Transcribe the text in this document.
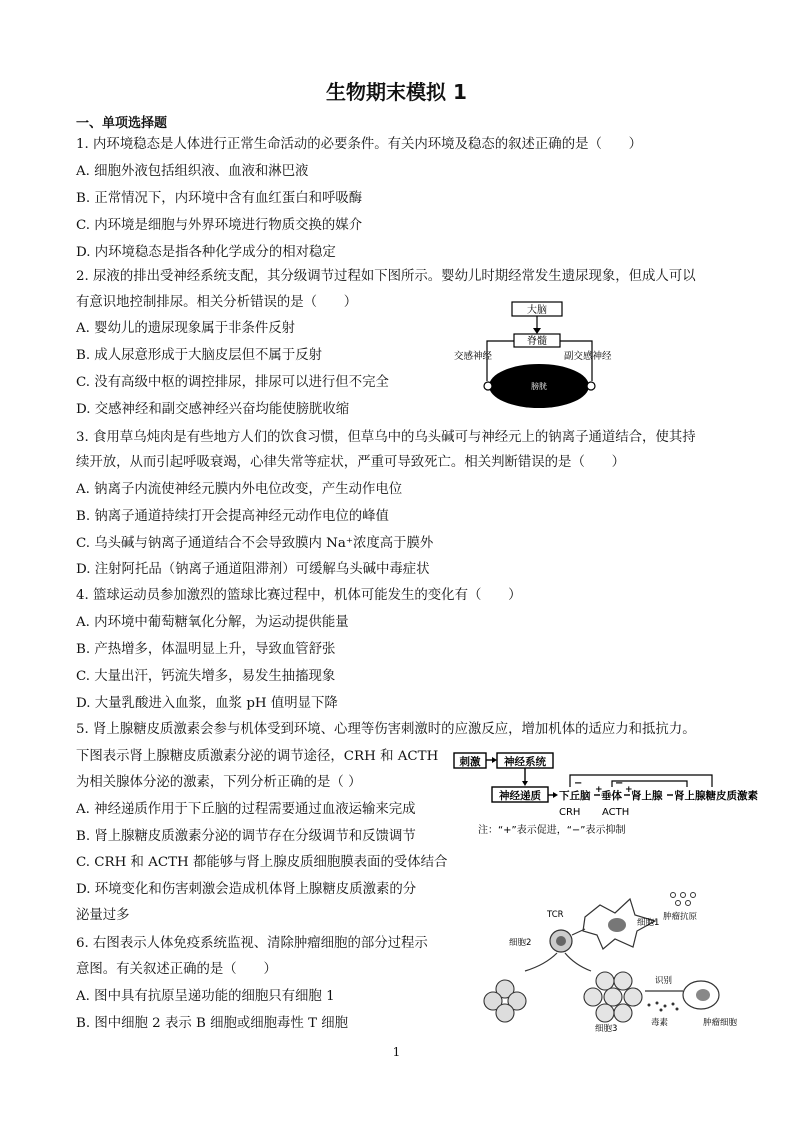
生物期末模拟 1
一、单项选择题
1. 内环境稳态是人体进行正常生命活动的必要条件。有关内环境及稳态的叙述正确的是（　　）
A. 细胞外液包括组织液、血液和淋巴液
B. 正常情况下，内环境中含有血红蛋白和呼吸酶
C. 内环境是细胞与外界环境进行物质交换的媒介
D. 内环境稳态是指各种化学成分的相对稳定
2. 尿液的排出受神经系统支配，其分级调节过程如下图所示。婴幼儿时期经常发生遗尿现象，但成人可以
有意识地控制排尿。相关分析错误的是（　　）
A. 婴幼儿的遗尿现象属于非条件反射
B. 成人尿意形成于大脑皮层但不属于反射
C. 没有高级中枢的调控排尿，排尿可以进行但不完全
D. 交感神经和副交感神经兴奋均能使膀胱收缩
3. 食用草乌炖肉是有些地方人们的饮食习惯，但草乌中的乌头碱可与神经元上的钠离子通道结合，使其持
续开放，从而引起呼吸衰竭，心律失常等症状，严重可导致死亡。相关判断错误的是（　　）
A. 钠离子内流使神经元膜内外电位改变，产生动作电位
B. 钠离子通道持续打开会提高神经元动作电位的峰值
C. 乌头碱与钠离子通道结合不会导致膜内 Na⁺浓度高于膜外
D. 注射阿托品（钠离子通道阻滞剂）可缓解乌头碱中毒症状
4. 篮球运动员参加激烈的篮球比赛过程中，机体可能发生的变化有（　　）
A. 内环境中葡萄糖氧化分解，为运动提供能量
B. 产热增多，体温明显上升，导致血管舒张
C. 大量出汗，钙流失增多，易发生抽搐现象
D. 大量乳酸进入血浆，血浆 pH 值明显下降
5. 肾上腺糖皮质激素会参与机体受到环境、心理等伤害刺激时的应激反应，增加机体的适应力和抵抗力。
下图表示肾上腺糖皮质激素分泌的调节途径，CRH 和 ACTH
为相关腺体分泌的激素，下列分析正确的是（ ）
A. 神经递质作用于下丘脑的过程需要通过血液运输来完成
B. 肾上腺糖皮质激素分泌的调节存在分级调节和反馈调节
C. CRH 和 ACTH 都能够与肾上腺皮质细胞膜表面的受体结合
D. 环境变化和伤害刺激会造成机体肾上腺糖皮质激素的分
泌量过多
6. 右图表示人体免疫系统监视、清除肿瘤细胞的部分过程示
意图。有关叙述正确的是（　　）
A. 图中具有抗原呈递功能的细胞只有细胞 1
B. 图中细胞 2 表示 B 细胞或细胞毒性 T 细胞
大脑
脊髓
交感神经	副交感神经
膀胱
刺激 神经系统
神经递质 下丘脑
CRH
垂体
ACTH
肾上腺 肾上腺糖皮质激素
−	−
+ +
注：“+”表示促进，“−”表示抑制
肿瘤抗原
细胞1
TCR
细胞2
细胞3
识别
毒素	肿瘤细胞
1
